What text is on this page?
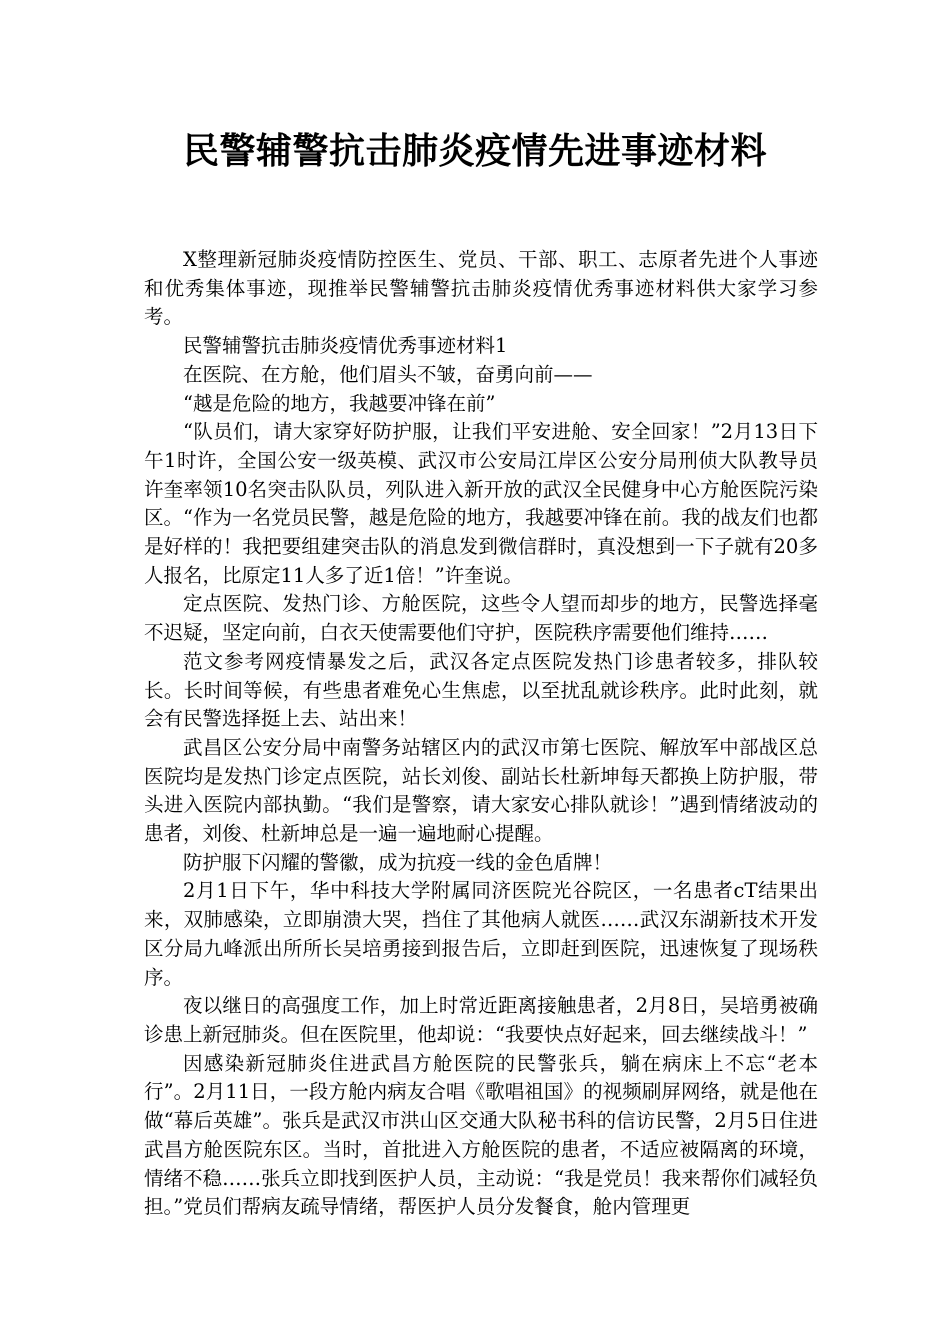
民警辅警抗击肺炎疫情先进事迹材料

X整理新冠肺炎疫情防控医生、党员、干部、职工、志原者先进个人事迹和优秀集体事迹，现推举民警辅警抗击肺炎疫情优秀事迹材料供大家学习参考。

民警辅警抗击肺炎疫情优秀事迹材料1

在医院、在方舱，他们眉头不皱，奋勇向前——

“越是危险的地方，我越要冲锋在前”

“队员们，请大家穿好防护服，让我们平安进舱、安全回家！”2月13日下午1时许，全国公安一级英模、武汉市公安局江岸区公安分局刑侦大队教导员许奎率领10名突击队队员，列队进入新开放的武汉全民健身中心方舱医院污染区。“作为一名党员民警，越是危险的地方，我越要冲锋在前。我的战友们也都是好样的！我把要组建突击队的消息发到微信群时，真没想到一下子就有20多人报名，比原定11人多了近1倍！”许奎说。

定点医院、发热门诊、方舱医院，这些令人望而却步的地方，民警选择毫不迟疑，坚定向前，白衣天使需要他们守护，医院秩序需要他们维持……

范文参考网疫情暴发之后，武汉各定点医院发热门诊患者较多，排队较长。长时间等候，有些患者难免心生焦虑，以至扰乱就诊秩序。此时此刻，就会有民警选择挺上去、站出来！

武昌区公安分局中南警务站辖区内的武汉市第七医院、解放军中部战区总医院均是发热门诊定点医院，站长刘俊、副站长杜新坤每天都换上防护服，带头进入医院内部执勤。“我们是警察，请大家安心排队就诊！”遇到情绪波动的患者，刘俊、杜新坤总是一遍一遍地耐心提醒。

防护服下闪耀的警徽，成为抗疫一线的金色盾牌！

2月1日下午，华中科技大学附属同济医院光谷院区，一名患者cT结果出来，双肺感染，立即崩溃大哭，挡住了其他病人就医……武汉东湖新技术开发区分局九峰派出所所长吴培勇接到报告后，立即赶到医院，迅速恢复了现场秩序。

夜以继日的高强度工作，加上时常近距离接触患者，2月8日，吴培勇被确诊患上新冠肺炎。但在医院里，他却说：“我要快点好起来，回去继续战斗！”

因感染新冠肺炎住进武昌方舱医院的民警张兵，躺在病床上不忘“老本行”。2月11日，一段方舱内病友合唱《歌唱祖国》的视频刷屏网络，就是他在做“幕后英雄”。张兵是武汉市洪山区交通大队秘书科的信访民警，2月5日住进武昌方舱医院东区。当时，首批进入方舱医院的患者，不适应被隔离的环境，情绪不稳……张兵立即找到医护人员，主动说：“我是党员！我来帮你们减轻负担。”党员们帮病友疏导情绪，帮医护人员分发餐食，舱内管理更
